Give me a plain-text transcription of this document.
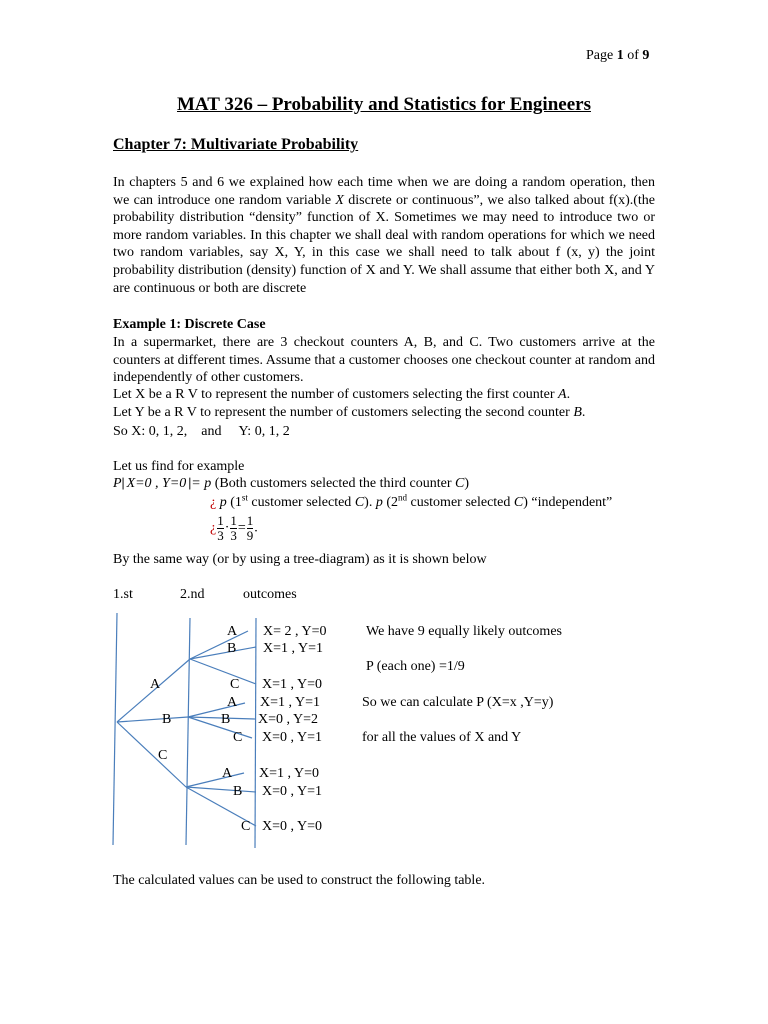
Page 1 of 9
MAT 326 – Probability and Statistics for Engineers
Chapter 7: Multivariate Probability

In chapters 5 and 6 we explained how each time when we are doing a random operation, then we can introduce one random variable X discrete or continuous”, we also talked about f(x).(the probability distribution “density” function of X. Sometimes we may need to introduce two or more random variables. In this chapter we shall deal with random operations for which we need two random variables, say X, Y, in this case we shall need to talk about f (x, y) the joint probability distribution (density) function of X and Y. We shall assume that either both X, and Y are continuous or both are discrete

Example 1: Discrete Case
In a supermarket, there are 3 checkout counters A, B, and C. Two customers arrive at the counters at different times. Assume that a customer chooses one checkout counter at random and independently of other customers.
Let X be a R V to represent the number of customers selecting the first counter A.
Let Y be a R V to represent the number of customers selecting the second counter B.
So X: 0, 1, 2,    and     Y: 0, 1, 2
Let us find for example
P⎜X=0 , Y=0⎟= p (Both customers selected the third counter C)
¿ p (1st customer selected C). p (2nd customer selected C) “independent”
¿ $\frac{1}{3} \cdot \frac{1}{3} = \frac{1}{9}$ .
By the same way (or by using a tree-diagram) as it is shown below
1.st	2.nd	outcomes
A
B
C
A X= 2 , Y=0
B X=1 , Y=1
C X=1 , Y=0
A X=1 , Y=1
B X=0 , Y=2
C X=0 , Y=1
A X=1 , Y=0
B X=0 , Y=1
C X=0 , Y=0
We have 9 equally likely outcomes
P (each one) =1/9
So we can calculate P (X=x ,Y=y)
for all the values of X and Y
The calculated values can be used to construct the following table.
